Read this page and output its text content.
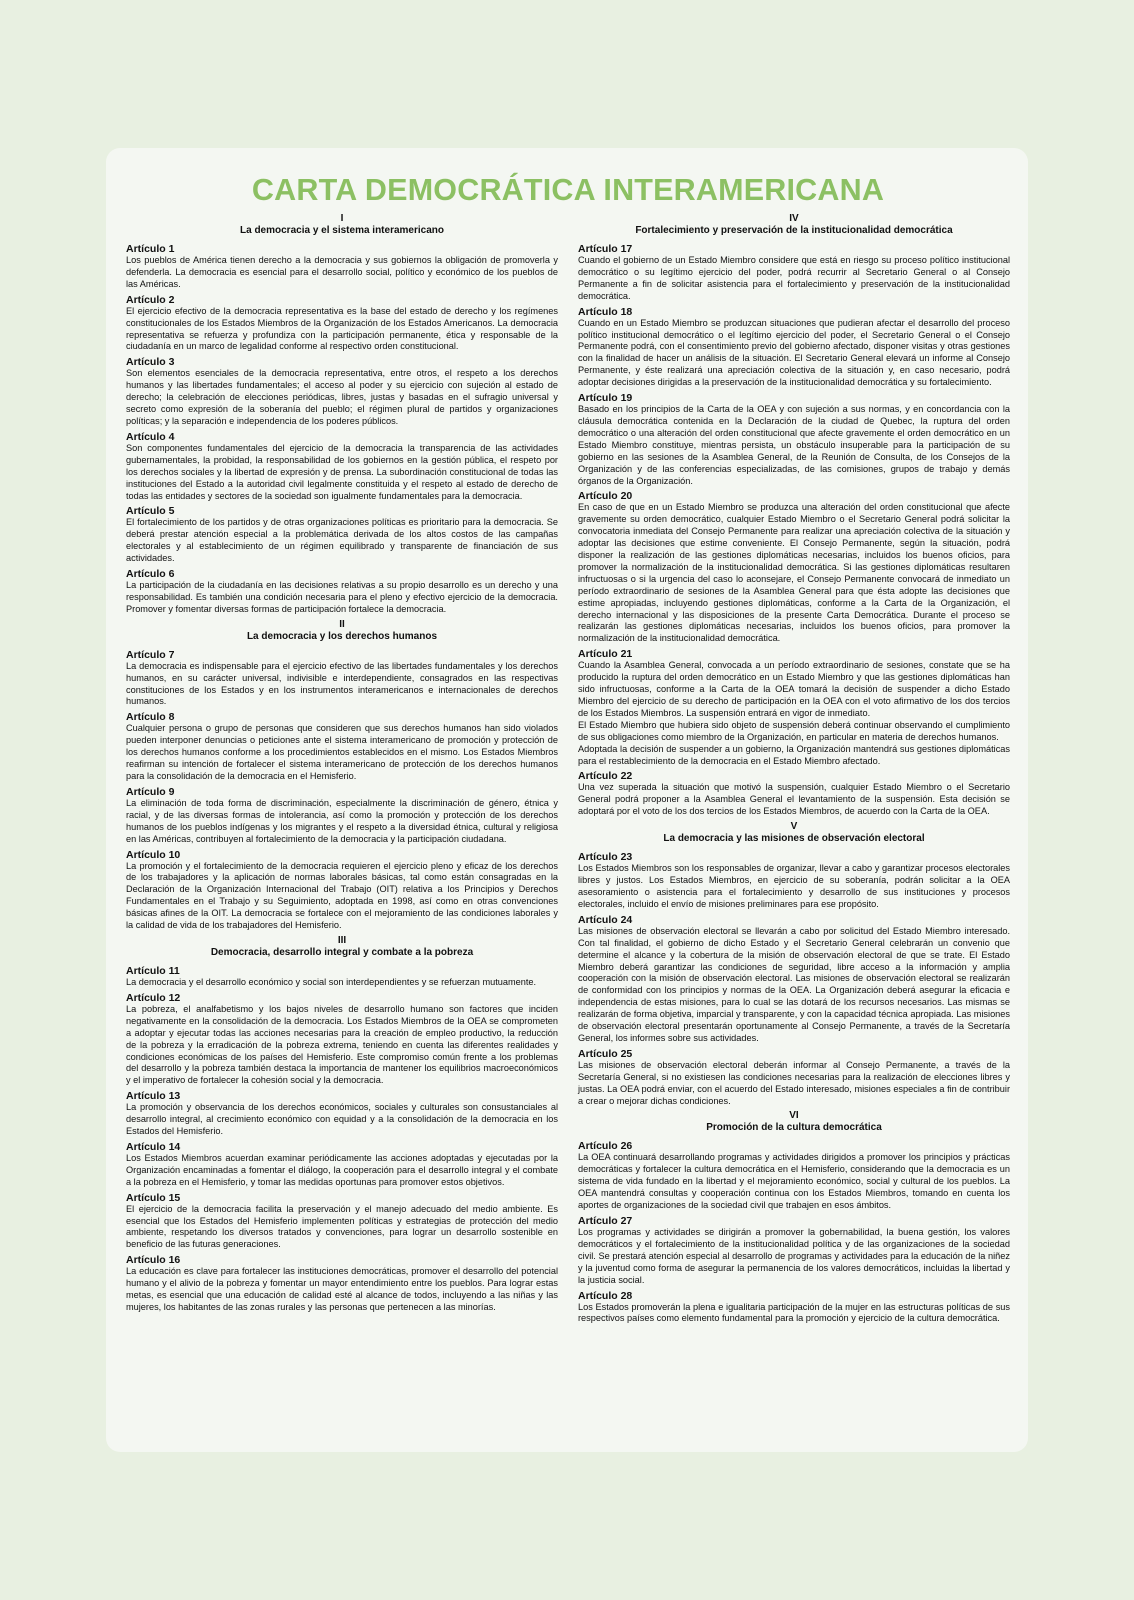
CARTA DEMOCRÁTICA INTERAMERICANA
I
La democracia y el sistema interamericano
Artículo 1

Los pueblos de América tienen derecho a la democracia y sus gobiernos la obligación de promoverla y defenderla. La democracia es esencial para el desarrollo social, político y económico de los pueblos de las Américas.

Artículo 2

El ejercicio efectivo de la democracia representativa es la base del estado de derecho y los regímenes constitucionales de los Estados Miembros de la Organización de los Estados Americanos. La democracia representativa se refuerza y profundiza con la participación permanente, ética y responsable de la ciudadanía en un marco de legalidad conforme al respectivo orden constitucional.

Artículo 3

Son elementos esenciales de la democracia representativa, entre otros, el respeto a los derechos humanos y las libertades fundamentales; el acceso al poder y su ejercicio con sujeción al estado de derecho; la celebración de elecciones periódicas, libres, justas y basadas en el sufragio universal y secreto como expresión de la soberanía del pueblo; el régimen plural de partidos y organizaciones políticas; y la separación e independencia de los poderes públicos.

Artículo 4

Son componentes fundamentales del ejercicio de la democracia la transparencia de las actividades gubernamentales, la probidad, la responsabilidad de los gobiernos en la gestión pública, el respeto por los derechos sociales y la libertad de expresión y de prensa. La subordinación constitucional de todas las instituciones del Estado a la autoridad civil legalmente constituida y el respeto al estado de derecho de todas las entidades y sectores de la sociedad son igualmente fundamentales para la democracia.

Artículo 5

El fortalecimiento de los partidos y de otras organizaciones políticas es prioritario para la democracia. Se deberá prestar atención especial a la problemática derivada de los altos costos de las campañas electorales y al establecimiento de un régimen equilibrado y transparente de financiación de sus actividades.

Artículo 6

La participación de la ciudadanía en las decisiones relativas a su propio desarrollo es un derecho y una responsabilidad. Es también una condición necesaria para el pleno y efectivo ejercicio de la democracia. Promover y fomentar diversas formas de participación fortalece la democracia.

II
La democracia y los derechos humanos
Artículo 7

La democracia es indispensable para el ejercicio efectivo de las libertades fundamentales y los derechos humanos, en su carácter universal, indivisible e interdependiente, consagrados en las respectivas constituciones de los Estados y en los instrumentos interamericanos e internacionales de derechos humanos.

Artículo 8

Cualquier persona o grupo de personas que consideren que sus derechos humanos han sido violados pueden interponer denuncias o peticiones ante el sistema interamericano de promoción y protección de los derechos humanos conforme a los procedimientos establecidos en el mismo. Los Estados Miembros reafirman su intención de fortalecer el sistema interamericano de protección de los derechos humanos para la consolidación de la democracia en el Hemisferio.

Artículo 9

La eliminación de toda forma de discriminación, especialmente la discriminación de género, étnica y racial, y de las diversas formas de intolerancia, así como la promoción y protección de los derechos humanos de los pueblos indígenas y los migrantes y el respeto a la diversidad étnica, cultural y religiosa en las Américas, contribuyen al fortalecimiento de la democracia y la participación ciudadana.

Artículo 10

La promoción y el fortalecimiento de la democracia requieren el ejercicio pleno y eficaz de los derechos de los trabajadores y la aplicación de normas laborales básicas, tal como están consagradas en la Declaración de la Organización Internacional del Trabajo (OIT) relativa a los Principios y Derechos Fundamentales en el Trabajo y su Seguimiento, adoptada en 1998, así como en otras convenciones básicas afines de la OIT. La democracia se fortalece con el mejoramiento de las condiciones laborales y la calidad de vida de los trabajadores del Hemisferio.

III
Democracia, desarrollo integral y combate a la pobreza
Artículo 11

La democracia y el desarrollo económico y social son interdependientes y se refuerzan mutuamente.

Artículo 12

La pobreza, el analfabetismo y los bajos niveles de desarrollo humano son factores que inciden negativamente en la consolidación de la democracia. Los Estados Miembros de la OEA se comprometen a adoptar y ejecutar todas las acciones necesarias para la creación de empleo productivo, la reducción de la pobreza y la erradicación de la pobreza extrema, teniendo en cuenta las diferentes realidades y condiciones económicas de los países del Hemisferio. Este compromiso común frente a los problemas del desarrollo y la pobreza también destaca la importancia de mantener los equilibrios macroeconómicos y el imperativo de fortalecer la cohesión social y la democracia.

Artículo 13

La promoción y observancia de los derechos económicos, sociales y culturales son consustanciales al desarrollo integral, al crecimiento económico con equidad y a la consolidación de la democracia en los Estados del Hemisferio.

Artículo 14

Los Estados Miembros acuerdan examinar periódicamente las acciones adoptadas y ejecutadas por la Organización encaminadas a fomentar el diálogo, la cooperación para el desarrollo integral y el combate a la pobreza en el Hemisferio, y tomar las medidas oportunas para promover estos objetivos.

Artículo 15

El ejercicio de la democracia facilita la preservación y el manejo adecuado del medio ambiente. Es esencial que los Estados del Hemisferio implementen políticas y estrategias de protección del medio ambiente, respetando los diversos tratados y convenciones, para lograr un desarrollo sostenible en beneficio de las futuras generaciones.

Artículo 16

La educación es clave para fortalecer las instituciones democráticas, promover el desarrollo del potencial humano y el alivio de la pobreza y fomentar un mayor entendimiento entre los pueblos. Para lograr estas metas, es esencial que una educación de calidad esté al alcance de todos, incluyendo a las niñas y las mujeres, los habitantes de las zonas rurales y las personas que pertenecen a las minorías.

IV
Fortalecimiento y preservación de la institucionalidad democrática
Artículo 17

Cuando el gobierno de un Estado Miembro considere que está en riesgo su proceso político institucional democrático o su legítimo ejercicio del poder, podrá recurrir al Secretario General o al Consejo Permanente a fin de solicitar asistencia para el fortalecimiento y preservación de la institucionalidad democrática.

Artículo 18

Cuando en un Estado Miembro se produzcan situaciones que pudieran afectar el desarrollo del proceso político institucional democrático o el legítimo ejercicio del poder, el Secretario General o el Consejo Permanente podrá, con el consentimiento previo del gobierno afectado, disponer visitas y otras gestiones con la finalidad de hacer un análisis de la situación. El Secretario General elevará un informe al Consejo Permanente, y éste realizará una apreciación colectiva de la situación y, en caso necesario, podrá adoptar decisiones dirigidas a la preservación de la institucionalidad democrática y su fortalecimiento.

Artículo 19

Basado en los principios de la Carta de la OEA y con sujeción a sus normas, y en concordancia con la cláusula democrática contenida en la Declaración de la ciudad de Quebec, la ruptura del orden democrático o una alteración del orden constitucional que afecte gravemente el orden democrático en un Estado Miembro constituye, mientras persista, un obstáculo insuperable para la participación de su gobierno en las sesiones de la Asamblea General, de la Reunión de Consulta, de los Consejos de la Organización y de las conferencias especializadas, de las comisiones, grupos de trabajo y demás órganos de la Organización.

Artículo 20

En caso de que en un Estado Miembro se produzca una alteración del orden constitucional que afecte gravemente su orden democrático, cualquier Estado Miembro o el Secretario General podrá solicitar la convocatoria inmediata del Consejo Permanente para realizar una apreciación colectiva de la situación y adoptar las decisiones que estime conveniente. El Consejo Permanente, según la situación, podrá disponer la realización de las gestiones diplomáticas necesarias, incluidos los buenos oficios, para promover la normalización de la institucionalidad democrática. Si las gestiones diplomáticas resultaren infructuosas o si la urgencia del caso lo aconsejare, el Consejo Permanente convocará de inmediato un período extraordinario de sesiones de la Asamblea General para que ésta adopte las decisiones que estime apropiadas, incluyendo gestiones diplomáticas, conforme a la Carta de la Organización, el derecho internacional y las disposiciones de la presente Carta Democrática. Durante el proceso se realizarán las gestiones diplomáticas necesarias, incluidos los buenos oficios, para promover la normalización de la institucionalidad democrática.

Artículo 21

Cuando la Asamblea General, convocada a un período extraordinario de sesiones, constate que se ha producido la ruptura del orden democrático en un Estado Miembro y que las gestiones diplomáticas han sido infructuosas, conforme a la Carta de la OEA tomará la decisión de suspender a dicho Estado Miembro del ejercicio de su derecho de participación en la OEA con el voto afirmativo de los dos tercios de los Estados Miembros. La suspensión entrará en vigor de inmediato.

El Estado Miembro que hubiera sido objeto de suspensión deberá continuar observando el cumplimiento de sus obligaciones como miembro de la Organización, en particular en materia de derechos humanos.

Adoptada la decisión de suspender a un gobierno, la Organización mantendrá sus gestiones diplomáticas para el restablecimiento de la democracia en el Estado Miembro afectado.

Artículo 22

Una vez superada la situación que motivó la suspensión, cualquier Estado Miembro o el Secretario General podrá proponer a la Asamblea General el levantamiento de la suspensión. Esta decisión se adoptará por el voto de los dos tercios de los Estados Miembros, de acuerdo con la Carta de la OEA.

V
La democracia y las misiones de observación electoral
Artículo 23

Los Estados Miembros son los responsables de organizar, llevar a cabo y garantizar procesos electorales libres y justos. Los Estados Miembros, en ejercicio de su soberanía, podrán solicitar a la OEA asesoramiento o asistencia para el fortalecimiento y desarrollo de sus instituciones y procesos electorales, incluido el envío de misiones preliminares para ese propósito.

Artículo 24

Las misiones de observación electoral se llevarán a cabo por solicitud del Estado Miembro interesado. Con tal finalidad, el gobierno de dicho Estado y el Secretario General celebrarán un convenio que determine el alcance y la cobertura de la misión de observación electoral de que se trate. El Estado Miembro deberá garantizar las condiciones de seguridad, libre acceso a la información y amplia cooperación con la misión de observación electoral. Las misiones de observación electoral se realizarán de conformidad con los principios y normas de la OEA. La Organización deberá asegurar la eficacia e independencia de estas misiones, para lo cual se las dotará de los recursos necesarios. Las mismas se realizarán de forma objetiva, imparcial y transparente, y con la capacidad técnica apropiada. Las misiones de observación electoral presentarán oportunamente al Consejo Permanente, a través de la Secretaría General, los informes sobre sus actividades.

Artículo 25

Las misiones de observación electoral deberán informar al Consejo Permanente, a través de la Secretaría General, si no existiesen las condiciones necesarias para la realización de elecciones libres y justas. La OEA podrá enviar, con el acuerdo del Estado interesado, misiones especiales a fin de contribuir a crear o mejorar dichas condiciones.

VI
Promoción de la cultura democrática
Artículo 26

La OEA continuará desarrollando programas y actividades dirigidos a promover los principios y prácticas democráticas y fortalecer la cultura democrática en el Hemisferio, considerando que la democracia es un sistema de vida fundado en la libertad y el mejoramiento económico, social y cultural de los pueblos. La OEA mantendrá consultas y cooperación continua con los Estados Miembros, tomando en cuenta los aportes de organizaciones de la sociedad civil que trabajen en esos ámbitos.

Artículo 27

Los programas y actividades se dirigirán a promover la gobernabilidad, la buena gestión, los valores democráticos y el fortalecimiento de la institucionalidad política y de las organizaciones de la sociedad civil. Se prestará atención especial al desarrollo de programas y actividades para la educación de la niñez y la juventud como forma de asegurar la permanencia de los valores democráticos, incluidas la libertad y la justicia social.

Artículo 28

Los Estados promoverán la plena e igualitaria participación de la mujer en las estructuras políticas de sus respectivos países como elemento fundamental para la promoción y ejercicio de la cultura democrática.
